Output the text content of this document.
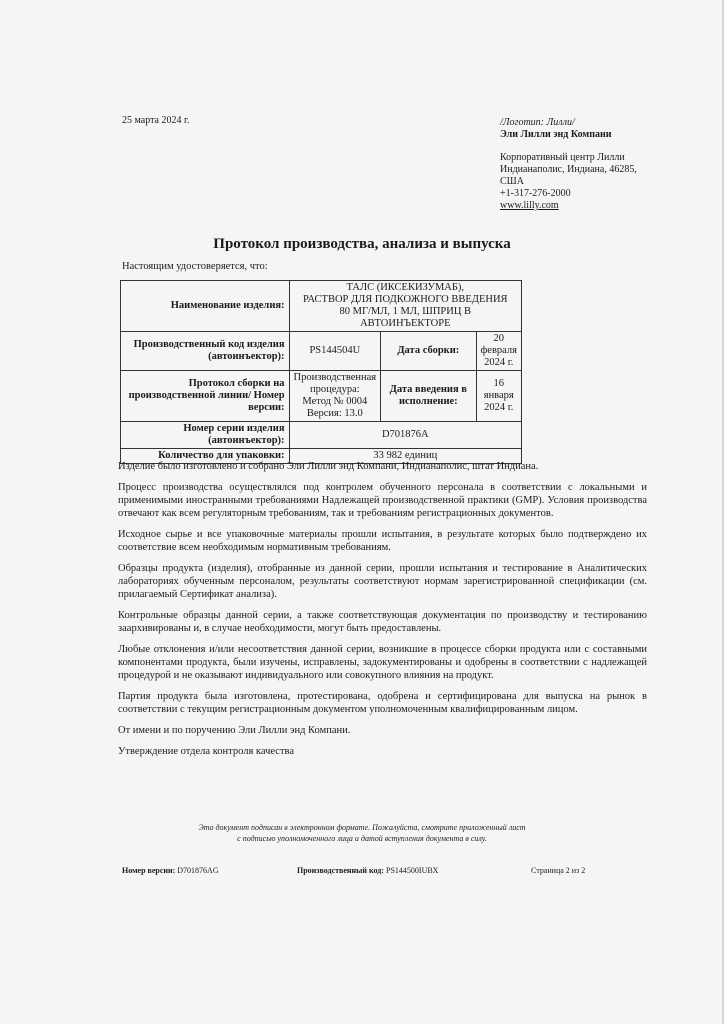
25 марта 2024 г.	/Логотип: Лилли/
Эли Лилли энд Компани
Корпоративный центр Лилли
Индианаполис, Индиана, 46285,
США
+1-317-276-2000
www.lilly.com
Протокол производства, анализа и выпуска
Настоящим удостоверяется, что:
Наименование изделия:	ТАЛС (ИКСЕКИЗУМАБ),
РАСТВОР ДЛЯ ПОДКОЖНОГО ВВЕДЕНИЯ
80 МГ/МЛ, 1 МЛ, ШПРИЦ В АВТОИНЪЕКТОРЕ		

Производственный код изделия (автоинъектор):	PS144504U	Дата сборки:	20 февраля 2024 г.
Протокол сборки на производственной линии/ Номер версии:	Производственная
процедура:
Метод № 0004
Версия: 13.0	Дата введения в исполнение:	16 января 2024 г.
Номер серии изделия (автоинъектор):	D701876A		
Количество для упаковки:	33 982 единиц		

Изделие было изготовлено и собрано Эли Лилли энд Компани, Индианаполис, штат Индиана.

Процесс производства осуществлялся под контролем обученного персонала в соответствии с локальными и применимыми иностранными требованиями Надлежащей производственной практики (GMP). Условия производства отвечают как всем регуляторным требованиям, так и требованиям регистрационных документов.

Исходное сырье и все упаковочные материалы прошли испытания, в результате которых было подтверждено их соответствие всем необходимым нормативным требованиям.

Образцы продукта (изделия), отобранные из данной серии, прошли испытания и тестирование в Аналитических лабораториях обученным персоналом, результаты соответствуют нормам зарегистрированной спецификации (см. прилагаемый Сертификат анализа).

Контрольные образцы данной серии, а также соответствующая документация по производству и тестированию заархивированы и, в случае необходимости, могут быть предоставлены.

Любые отклонения и/или несоответствия данной серии, возникшие в процессе сборки продукта или с составными компонентами продукта, были изучены, исправлены, задокументированы и одобрены в соответствии с надлежащей процедурой и не оказывают индивидуального или совокупного влияния на продукт.

Партия продукта была изготовлена, протестирована, одобрена и сертифицирована для выпуска на рынок в соответствии с текущим регистрационным документом уполномоченным квалифицированным лицом.

От имени и по поручению Эли Лилли энд Компани.

Утверждение отдела контроля качества

Это документ подписан в электронном формате. Пожалуйста, смотрите приложенный лист
с подписью уполномоченного лица и датой вступления документа в силу.
Номер версии: D701876AG	Производственный код: PS144500IUBX	Страница 2 из 2
